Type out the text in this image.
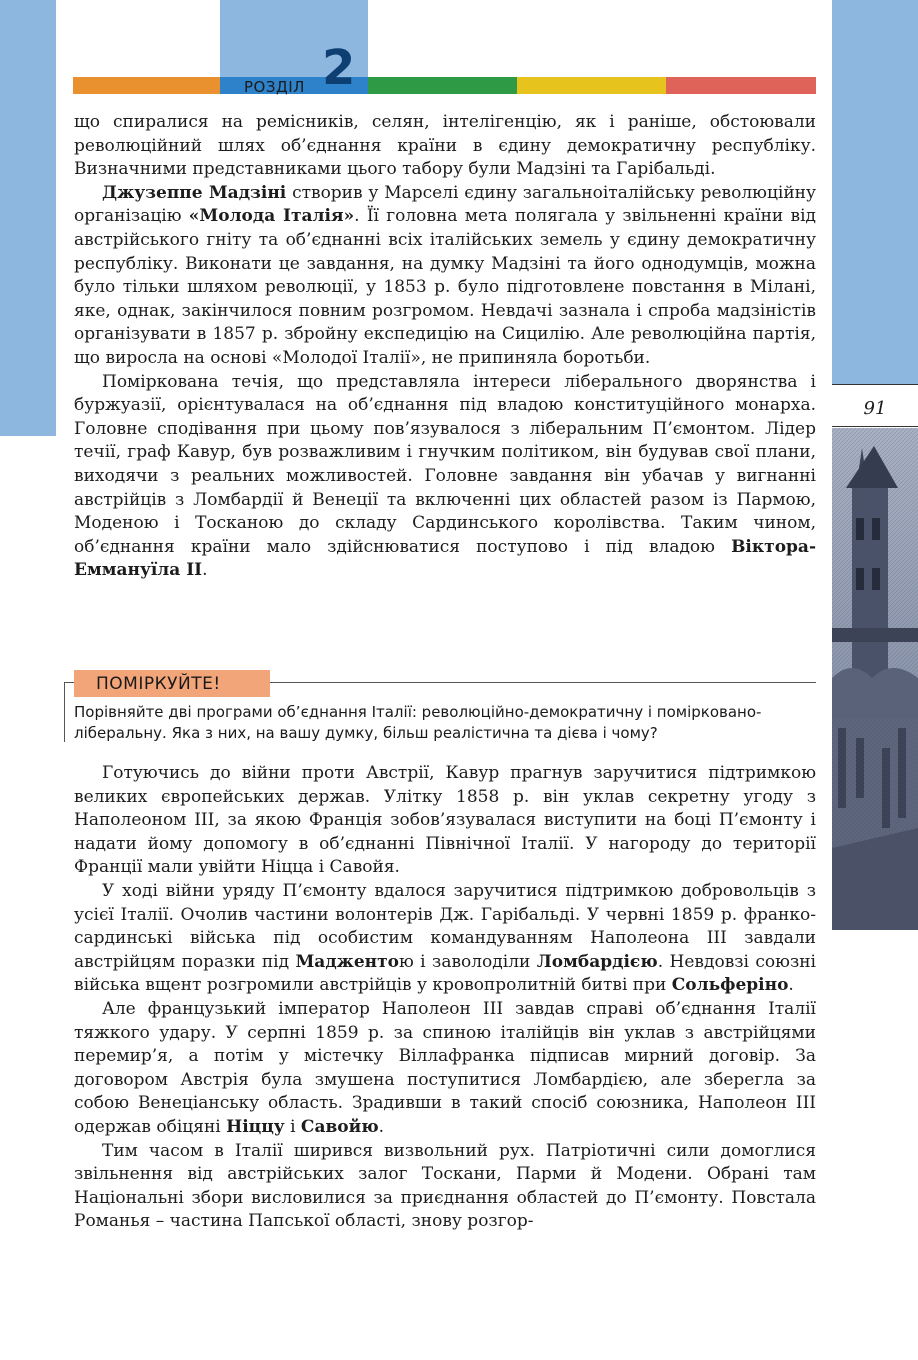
РОЗДІЛ 2
91

що спиралися на ремісників, селян, інтелігенцію, як і раніше, обстоювали революційний шлях об’єднання країни в єдину демократичну республіку. Визначними представниками цього табору були Мадзіні та Гарібальді.

Джузеппе Мадзіні створив у Марселі єдину загальноіталійську революційну організацію «Молода Італія». Її головна мета полягала у звільненні країни від австрійського гніту та об’єднанні всіх італійських земель у єдину демократичну республіку. Виконати це завдання, на думку Мадзіні та його однодумців, можна було тільки шляхом революції, у 1853 р. було підготовлене повстання в Мілані, яке, однак, закінчилося повним розгромом. Невдачі зазнала і спроба мадзіністів організувати в 1857 р. збройну експедицію на Сицилію. Але революційна партія, що виросла на основі «Молодої Італії», не припиняла боротьби.

Поміркована течія, що представляла інтереси ліберального дворянства і буржуазії, орієнтувалася на об’єднання під владою конституційного монарха. Головне сподівання при цьому пов’язувалося з ліберальним П’ємонтом. Лідер течії, граф Кавур, був розважливим і гнучким політиком, він будував свої плани, виходячи з реальних можливостей. Головне завдання він убачав у вигнанні австрійців з Ломбардії й Венеції та включенні цих областей разом із Пармою, Моденою і Тосканою до складу Сардинського королівства. Таким чином, об’єднання країни мало здійснюватися поступово і під владою Віктора-Еммануїла ІІ.

ПОМІРКУЙТЕ!

Порівняйте дві програми об’єднання Італії: революційно-демократичну і помірковано-ліберальну. Яка з них, на вашу думку, більш реалістична та дієва і чому?

Готуючись до війни проти Австрії, Кавур прагнув заручитися підтримкою великих європейських держав. Улітку 1858 р. він уклав секретну угоду з Наполеоном ІІІ, за якою Франція зобов’язувалася виступити на боці П’ємонту і надати йому допомогу в об’єднанні Північної Італії. У нагороду до території Франції мали увійти Ніцца і Савойя.

У ході війни уряду П’ємонту вдалося заручитися підтримкою добровольців з усієї Італії. Очолив частини волонтерів Дж. Гарібальді. У червні 1859 р. франко-сардинські війська під особистим командуванням Наполеона ІІІ завдали австрійцям поразки під Маджентою і заволоділи Ломбардією. Невдовзі союзні війська вщент розгромили австрійців у кровопролитній битві при Сольферіно.

Але французький імператор Наполеон ІІІ завдав справі об’єднання Італії тяжкого удару. У серпні 1859 р. за спиною італійців він уклав з австрійцями перемир’я, а потім у містечку Віллафранка підписав мирний договір. За договором Австрія була змушена поступитися Ломбардією, але зберегла за собою Венеціанську область. Зрадивши в такий спосіб союзника, Наполеон ІІІ одержав обіцяні Ніццу і Савойю.

Тим часом в Італії ширився визвольний рух. Патріотичні сили домоглися звільнення від австрійських залог Тоскани, Парми й Модени. Обрані там Національні збори висловилися за приєднання областей до П’ємонту. Повстала Романья – частина Папської області, знову розгор-
